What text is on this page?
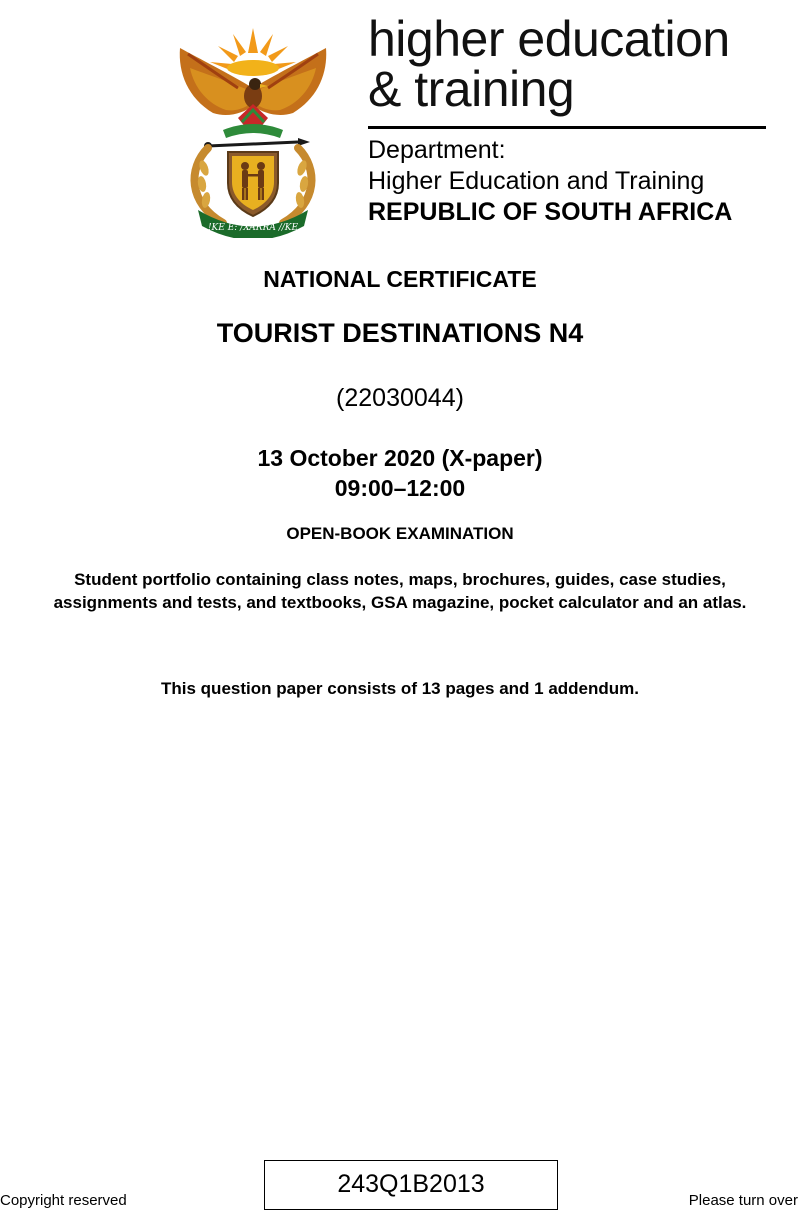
!KE E: /XARRA //KE
higher education
& training
Department:
Higher Education and Training
REPUBLIC OF SOUTH AFRICA
NATIONAL CERTIFICATE
TOURIST DESTINATIONS N4
(22030044)
13 October 2020 (X-paper)
09:00–12:00
OPEN-BOOK EXAMINATION
Student portfolio containing class notes, maps, brochures, guides, case studies,
assignments and tests, and textbooks, GSA magazine, pocket calculator and an atlas.
This question paper consists of 13 pages and 1 addendum.
Copyright reserved
243Q1B2013
Please turn over
